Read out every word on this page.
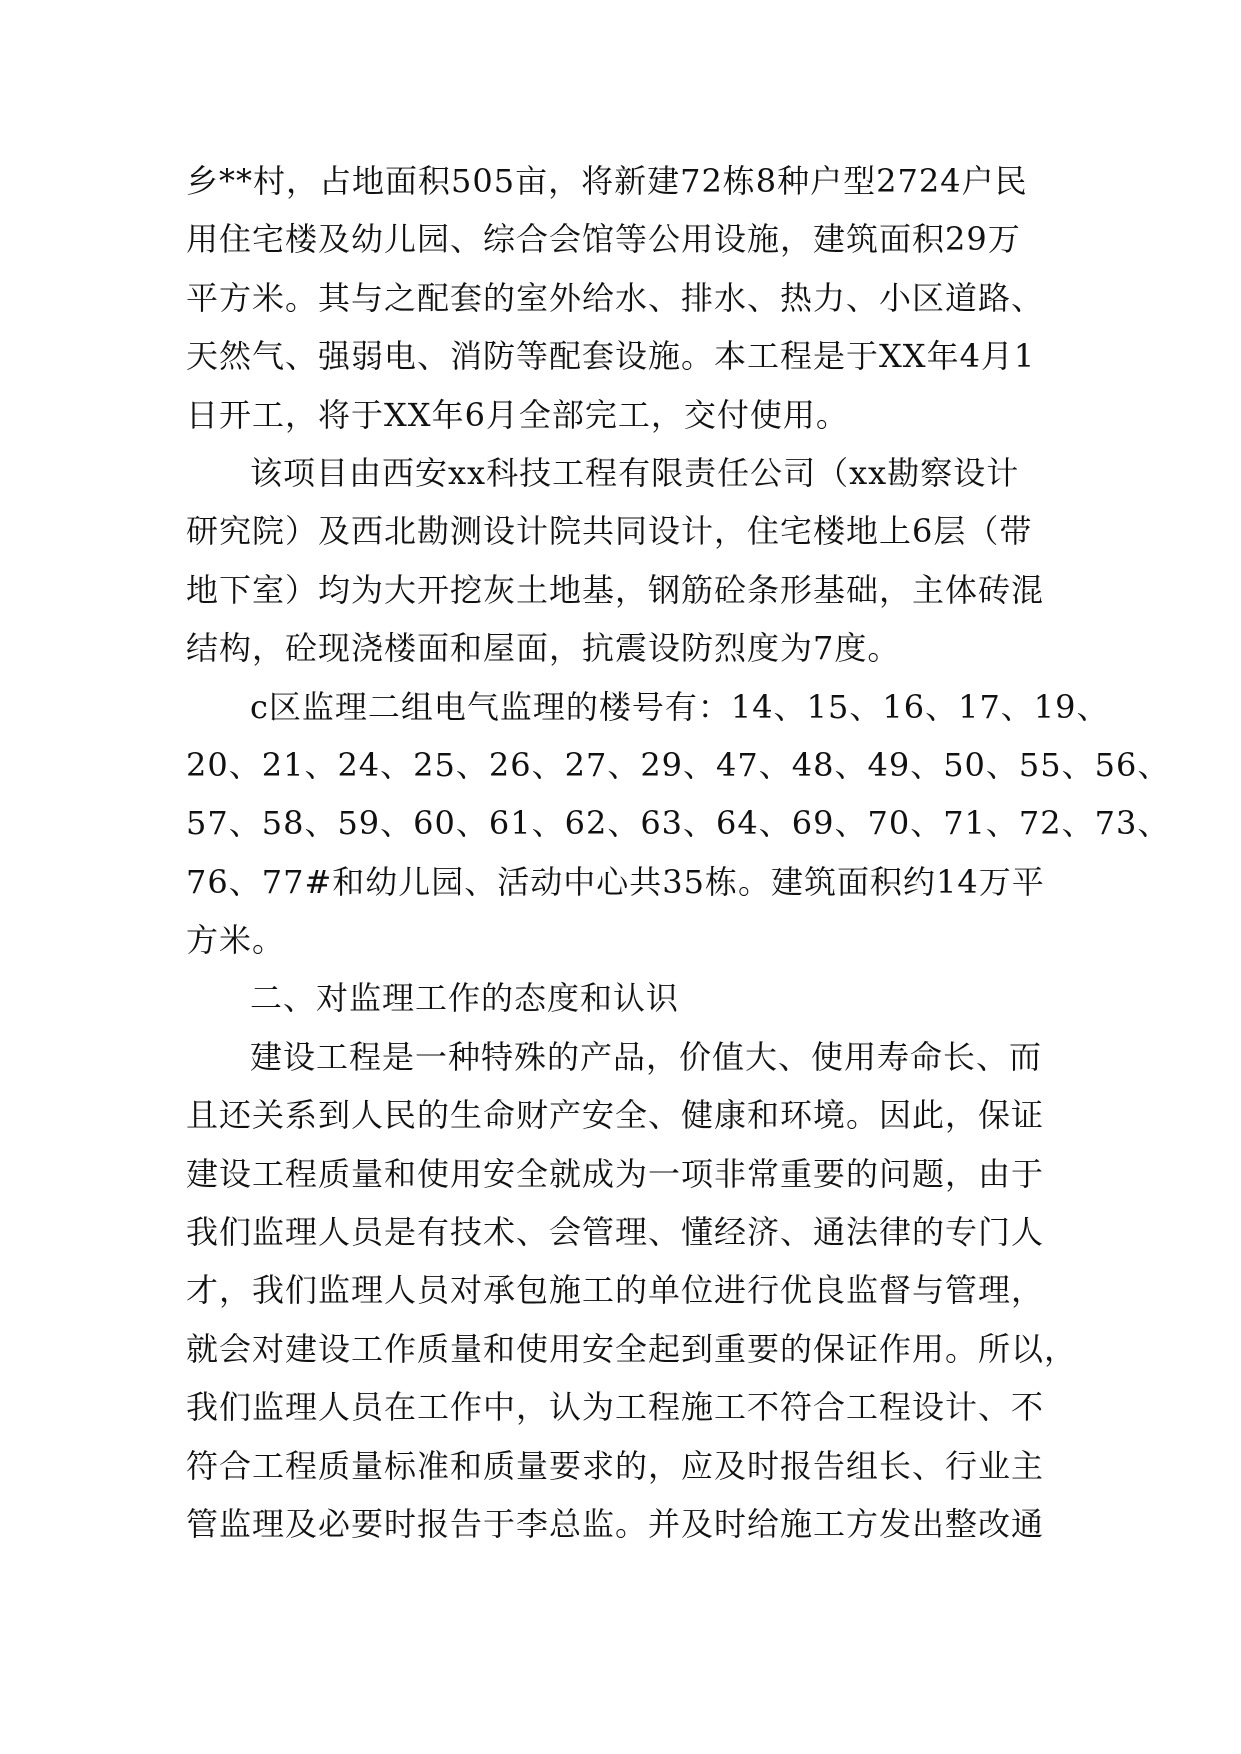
乡**村，占地面积505亩，将新建72栋8种户型2724户民
用住宅楼及幼儿园、综合会馆等公用设施，建筑面积29万
平方米。其与之配套的室外给水、排水、热力、小区道路、
天然气、强弱电、消防等配套设施。本工程是于XX年4月1
日开工，将于XX年6月全部完工，交付使用。
该项目由西安xx科技工程有限责任公司（xx勘察设计
研究院）及西北勘测设计院共同设计，住宅楼地上6层（带
地下室）均为大开挖灰土地基，钢筋砼条形基础，主体砖混
结构，砼现浇楼面和屋面，抗震设防烈度为7度。
c区监理二组电气监理的楼号有：14、15、16、17、19、
20、21、24、25、26、27、29、47、48、49、50、55、56、
57、58、59、60、61、62、63、64、69、70、71、72、73、
76、77#和幼儿园、活动中心共35栋。建筑面积约14万平
方米。
二、对监理工作的态度和认识
建设工程是一种特殊的产品，价值大、使用寿命长、而
且还关系到人民的生命财产安全、健康和环境。因此，保证
建设工程质量和使用安全就成为一项非常重要的问题，由于
我们监理人员是有技术、会管理、懂经济、通法律的专门人
才，我们监理人员对承包施工的单位进行优良监督与管理，
就会对建设工作质量和使用安全起到重要的保证作用。所以，
我们监理人员在工作中，认为工程施工不符合工程设计、不
符合工程质量标准和质量要求的，应及时报告组长、行业主
管监理及必要时报告于李总监。并及时给施工方发出整改通
